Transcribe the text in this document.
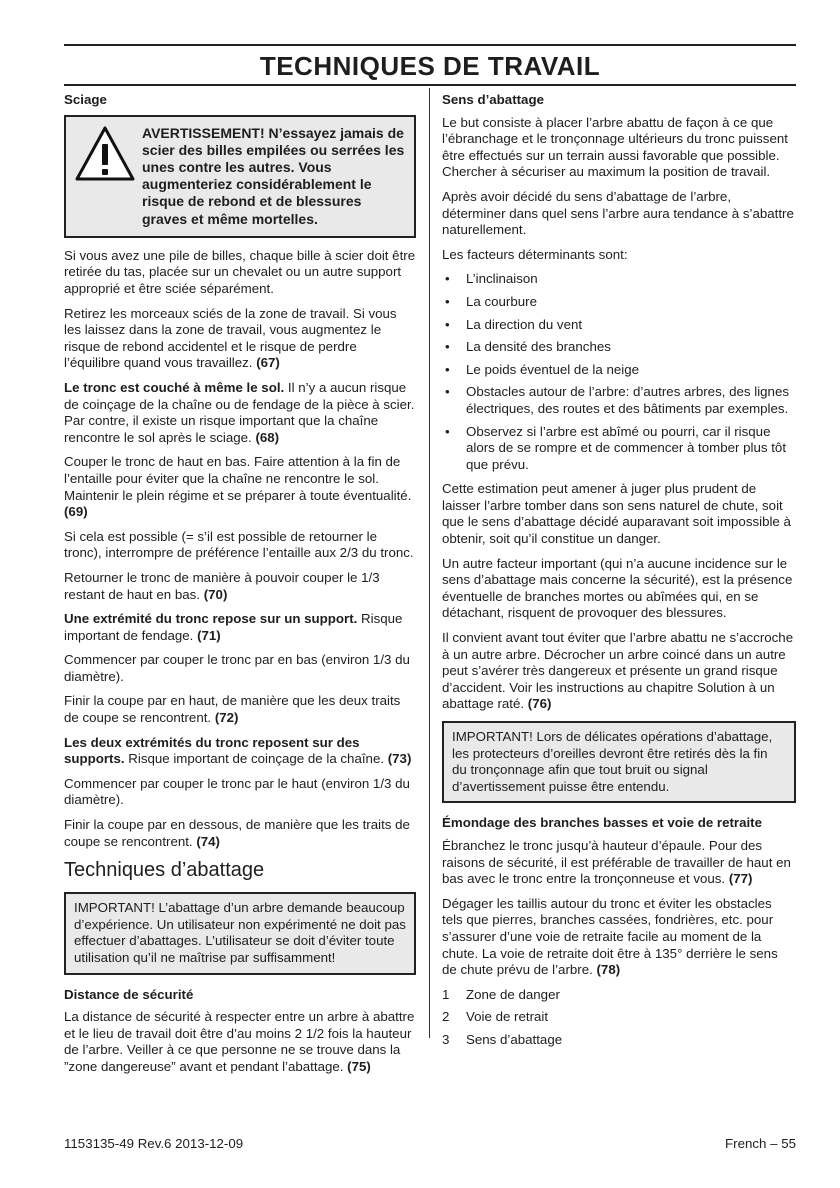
TECHNIQUES DE TRAVAIL
Sciage
AVERTISSEMENT! N’essayez jamais de scier des billes empilées ou serrées les unes contre les autres. Vous augmenteriez considérablement le risque de rebond et de blessures graves et même mortelles.

Si vous avez une pile de billes, chaque bille à scier doit être retirée du tas, placée sur un chevalet ou un autre support approprié et être sciée séparément.

Retirez les morceaux sciés de la zone de travail. Si vous les laissez dans la zone de travail, vous augmentez le risque de rebond accidentel et le risque de perdre l’équilibre quand vous travaillez. (67)

Le tronc est couché à même le sol. Il n’y a aucun risque de coinçage de la chaîne ou de fendage de la pièce à scier. Par contre, il existe un risque important que la chaîne rencontre le sol après le sciage. (68)

Couper le tronc de haut en bas. Faire attention à la fin de l’entaille pour éviter que la chaîne ne rencontre le sol. Maintenir le plein régime et se préparer à toute éventualité. (69)

Si cela est possible (= s’il est possible de retourner le tronc), interrompre de préférence l’entaille aux 2/3 du tronc.

Retourner le tronc de manière à pouvoir couper le 1/3 restant de haut en bas. (70)

Une extrémité du tronc repose sur un support. Risque important de fendage. (71)

Commencer par couper le tronc par en bas (environ 1/3 du diamètre).

Finir la coupe par en haut, de manière que les deux traits de coupe se rencontrent. (72)

Les deux extrémités du tronc reposent sur des supports. Risque important de coinçage de la chaîne. (73)

Commencer par couper le tronc par le haut (environ 1/3 du diamètre).

Finir la coupe par en dessous, de manière que les traits de coupe se rencontrent. (74)

Techniques d’abattage
IMPORTANT! L’abattage d’un arbre demande beaucoup d’expérience. Un utilisateur non expérimenté ne doit pas effectuer d’abattages. L’utilisateur se doit d’éviter toute utilisation qu’il ne maîtrise par suffisamment!
Distance de sécurité

La distance de sécurité à respecter entre un arbre à abattre et le lieu de travail doit être d’au moins 2 1/2 fois la hauteur de l’arbre. Veiller à ce que personne ne se trouve dans la ”zone dangereuse” avant et pendant l’abattage. (75)

Sens d’abattage

Le but consiste à placer l’arbre abattu de façon à ce que l’ébranchage et le tronçonnage ultérieurs du tronc puissent être effectués sur un terrain aussi favorable que possible. Chercher à sécuriser au maximum la position de travail.

Après avoir décidé du sens d’abattage de l’arbre, déterminer dans quel sens l’arbre aura tendance à s’abattre naturellement.

Les facteurs déterminants sont:

• L’inclinaison
• La courbure
• La direction du vent
• La densité des branches
• Le poids éventuel de la neige
• Obstacles autour de l’arbre: d’autres arbres, des lignes électriques, des routes et des bâtiments par exemples.
• Observez si l’arbre est abîmé ou pourri, car il risque alors de se rompre et de commencer à tomber plus tôt que prévu.

Cette estimation peut amener à juger plus prudent de laisser l’arbre tomber dans son sens naturel de chute, soit que le sens d’abattage décidé auparavant soit impossible à obtenir, soit qu’il constitue un danger.

Un autre facteur important (qui n’a aucune incidence sur le sens d’abattage mais concerne la sécurité), est la présence éventuelle de branches mortes ou abîmées qui, en se détachant, risquent de provoquer des blessures.

Il convient avant tout éviter que l’arbre abattu ne s’accroche à un autre arbre. Décrocher un arbre coincé dans un autre peut s’avérer très dangereux et présente un grand risque d’accident. Voir les instructions au chapitre Solution à un abattage raté. (76)

IMPORTANT! Lors de délicates opérations d’abattage, les protecteurs d’oreilles devront être retirés dès la fin du tronçonnage afin que tout bruit ou signal d’avertissement puisse être entendu.
Émondage des branches basses et voie de retraite

Ébranchez le tronc jusqu’à hauteur d’épaule. Pour des raisons de sécurité, il est préférable de travailler de haut en bas avec le tronc entre la tronçonneuse et vous. (77)

Dégager les taillis autour du tronc et éviter les obstacles tels que pierres, branches cassées, fondrières, etc. pour s’assurer d’une voie de retraite facile au moment de la chute. La voie de retraite doit être à 135° derrière le sens de chute prévu de l’arbre. (78)

1	Zone de danger
2	Voie de retrait
3	Sens d’abattage
1153135-49 Rev.6 2013-12-09	French – 55
